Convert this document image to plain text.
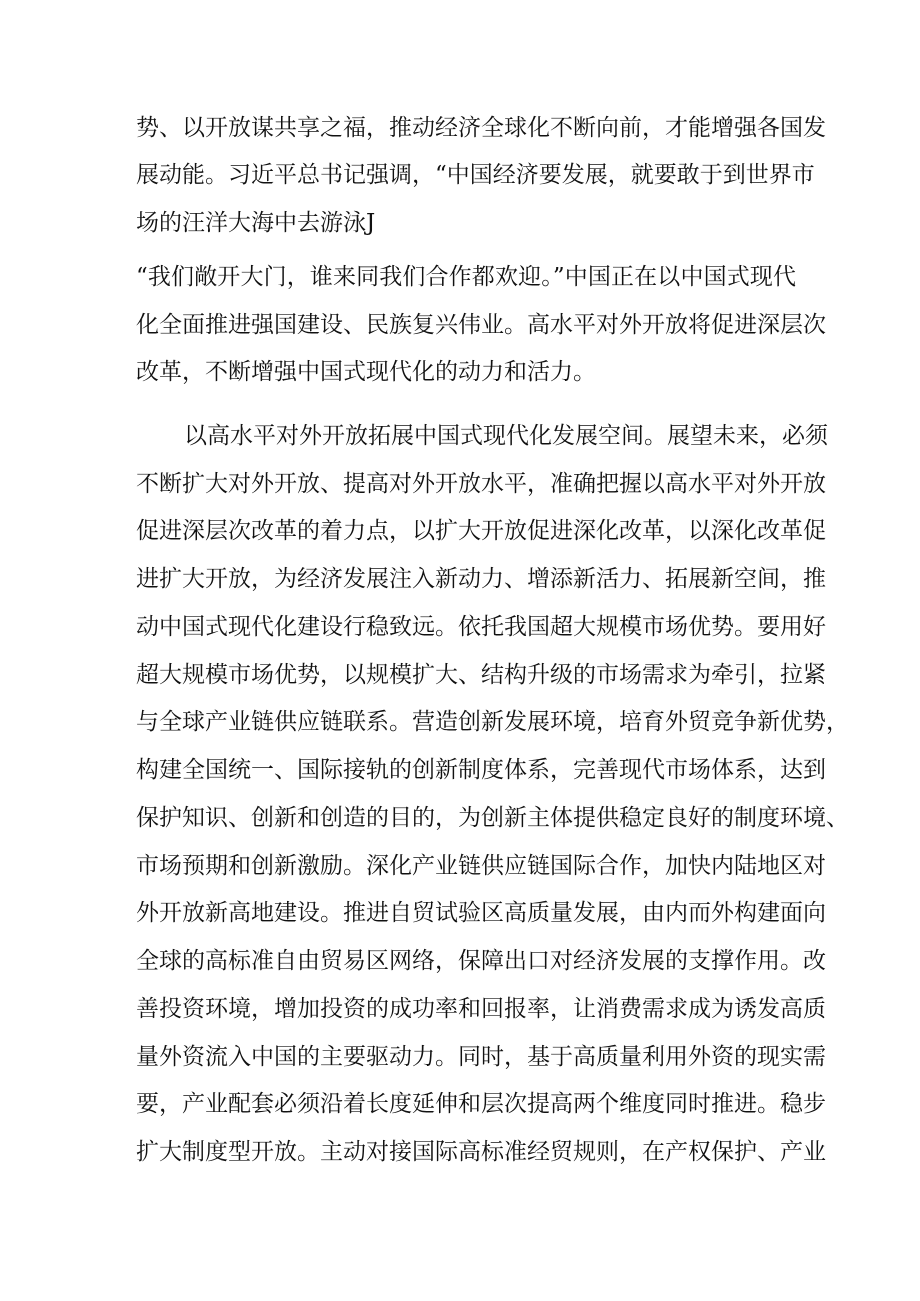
势、以开放谋共享之福，推动经济全球化不断向前，才能增强各国发
展动能。习近平总书记强调，“中国经济要发展，就要敢于到世界市
场的汪洋大海中去游泳J
“我们敞开大门，谁来同我们合作都欢迎。”中国正在以中国式现代
化全面推进强国建设、民族复兴伟业。高水平对外开放将促进深层次
改革，不断增强中国式现代化的动力和活力。
以高水平对外开放拓展中国式现代化发展空间。展望未来，必须
不断扩大对外开放、提高对外开放水平，准确把握以高水平对外开放
促进深层次改革的着力点，以扩大开放促进深化改革，以深化改革促
进扩大开放，为经济发展注入新动力、增添新活力、拓展新空间，推
动中国式现代化建设行稳致远。依托我国超大规模市场优势。要用好
超大规模市场优势，以规模扩大、结构升级的市场需求为牵引，拉紧
与全球产业链供应链联系。营造创新发展环境，培育外贸竞争新优势，
构建全国统一、国际接轨的创新制度体系，完善现代市场体系，达到
保护知识、创新和创造的目的，为创新主体提供稳定良好的制度环境、
市场预期和创新激励。深化产业链供应链国际合作，加快内陆地区对
外开放新高地建设。推进自贸试验区高质量发展，由内而外构建面向
全球的高标准自由贸易区网络，保障出口对经济发展的支撑作用。改
善投资环境，增加投资的成功率和回报率，让消费需求成为诱发高质
量外资流入中国的主要驱动力。同时，基于高质量利用外资的现实需
要，产业配套必须沿着长度延伸和层次提高两个维度同时推进。稳步
扩大制度型开放。主动对接国际高标准经贸规则，在产权保护、产业
